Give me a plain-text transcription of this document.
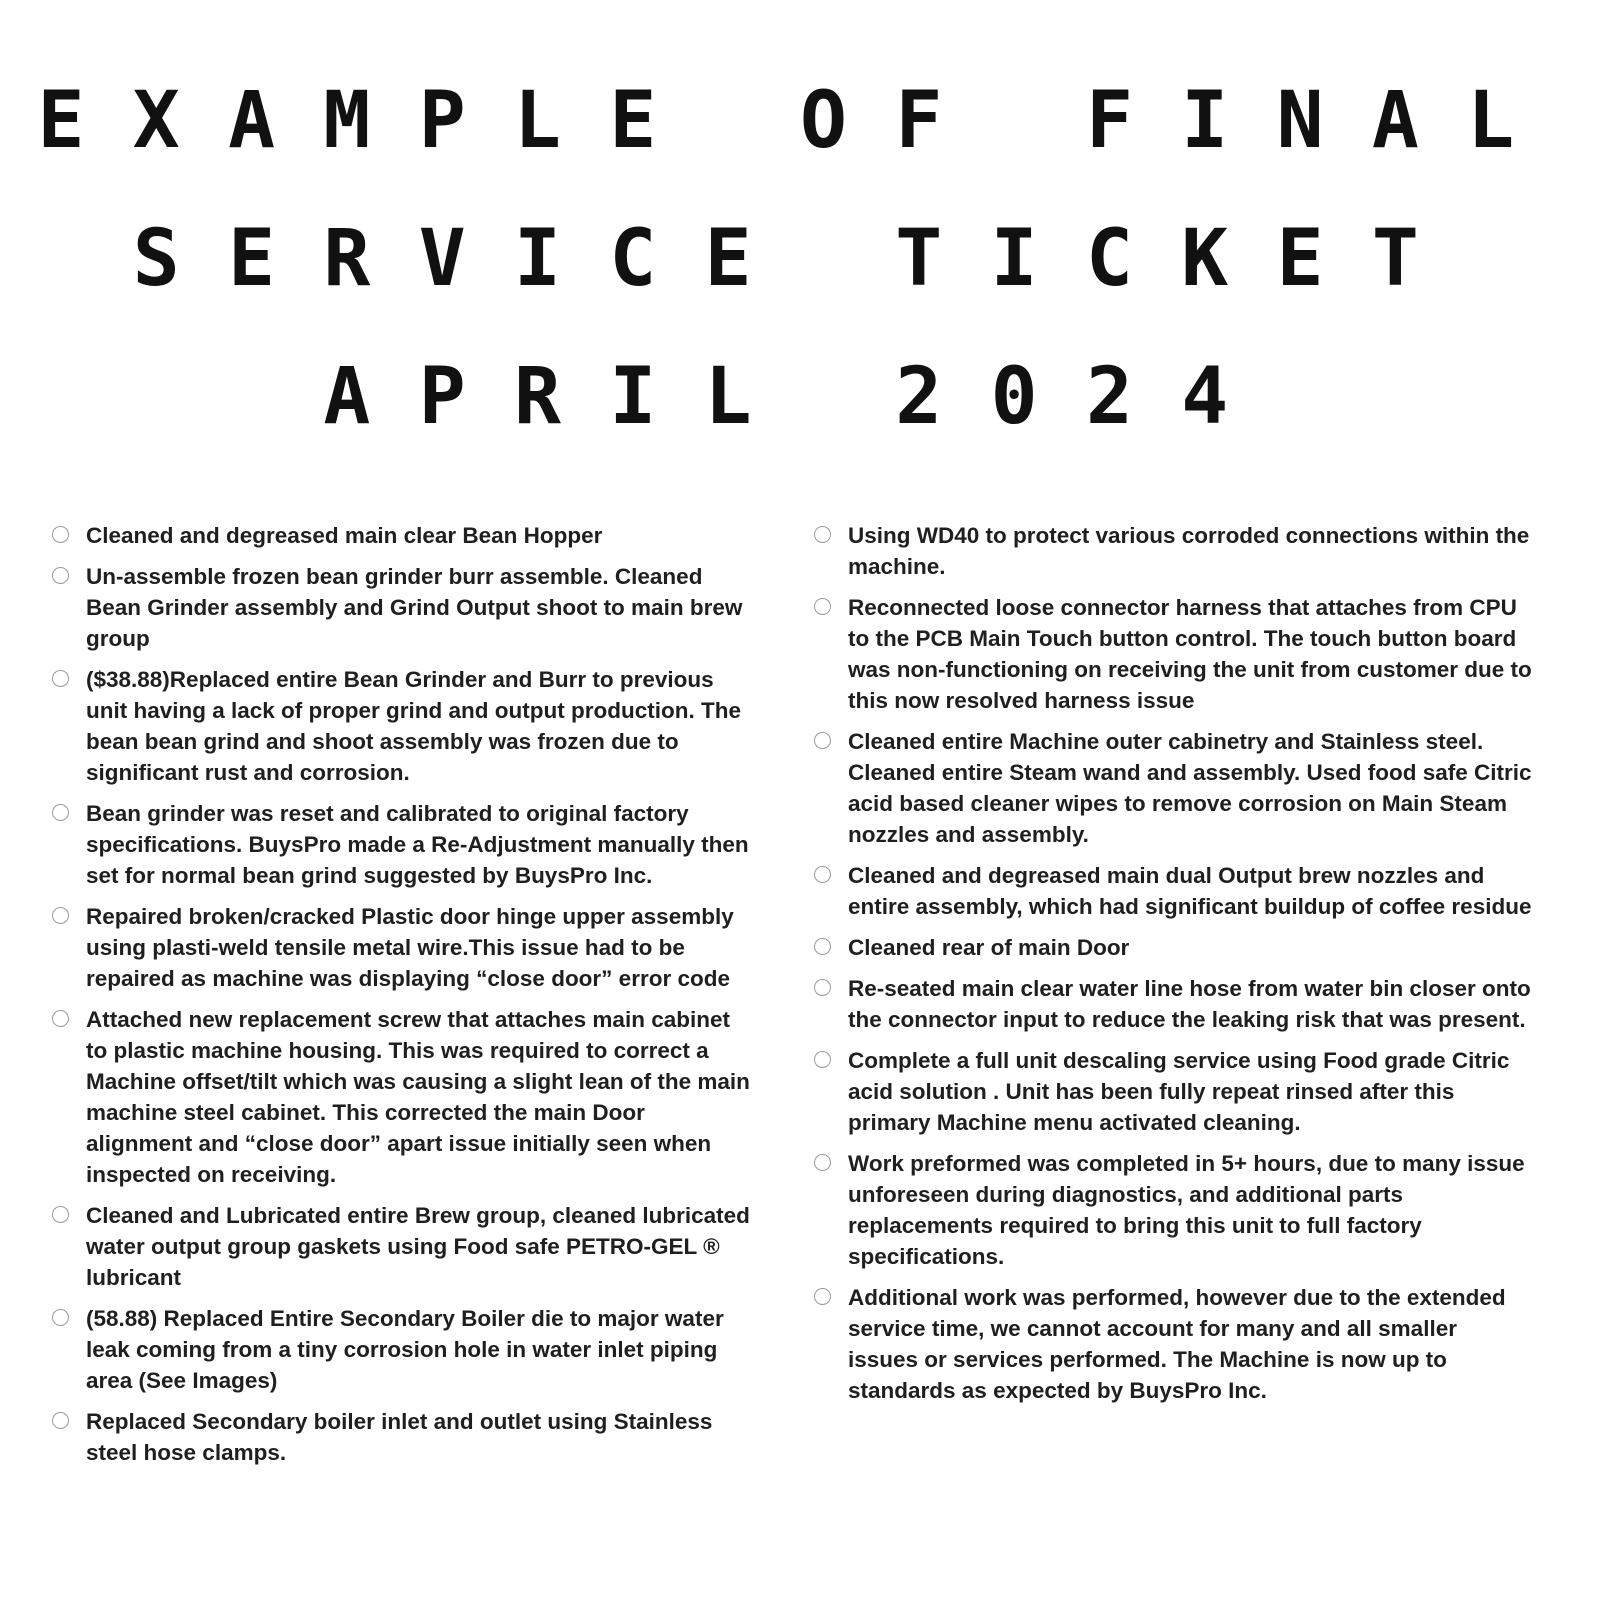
EXAMPLE OF FINAL
SERVICE TICKET
APRIL 2024
Cleaned and degreased main clear Bean Hopper
Un-assemble frozen bean grinder burr assemble. Cleaned Bean Grinder assembly and Grind Output shoot to main brew group
($38.88)Replaced entire Bean Grinder and Burr to previous unit having a lack of proper grind and output production. The bean bean grind and shoot assembly was frozen due to significant rust and corrosion.
Bean grinder was reset and calibrated to original factory specifications. BuysPro made a Re-Adjustment manually then set for normal bean grind suggested by BuysPro Inc.
Repaired broken/cracked Plastic door hinge upper assembly using plasti-weld tensile metal wire.This issue had to be repaired as machine was displaying “close door” error code
Attached new replacement screw that attaches main cabinet to plastic machine housing. This was required to correct a Machine offset/tilt which was causing a slight lean of the main machine steel cabinet. This corrected the main Door alignment and “close door” apart issue initially seen when inspected on receiving.
Cleaned and Lubricated entire Brew group, cleaned lubricated water output group gaskets using Food safe PETRO-GEL ® lubricant
(58.88) Replaced Entire Secondary Boiler die to major water leak coming from a tiny corrosion hole in water inlet piping area (See Images)
Replaced Secondary boiler inlet and outlet using Stainless steel hose clamps.
Using WD40 to protect various corroded connections within the machine.
Reconnected loose connector harness that attaches from CPU to the PCB Main Touch button control. The touch button board was non-functioning on receiving the unit from customer due to this now resolved harness issue
Cleaned entire Machine outer cabinetry and Stainless steel. Cleaned entire Steam wand and assembly. Used food safe Citric acid based cleaner wipes to remove corrosion on Main Steam nozzles and assembly.
Cleaned and degreased main dual Output brew nozzles and entire assembly, which had significant buildup of coffee residue
Cleaned rear of main Door
Re-seated main clear water line hose from water bin closer onto the connector input to reduce the leaking risk that was present.
Complete a full unit descaling service using Food grade Citric acid solution . Unit has been fully repeat rinsed after this primary Machine menu activated cleaning.
Work preformed was completed in 5+ hours, due to many issue unforeseen during diagnostics, and additional parts replacements required to bring this unit to full factory specifications.
Additional work was performed, however due to the extended service time, we cannot account for many and all smaller issues or services performed. The Machine is now up to standards as expected by BuysPro Inc.
